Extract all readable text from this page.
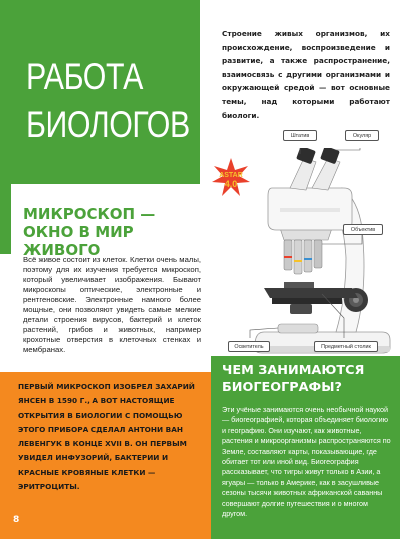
РАБОТА
БИОЛОГОВ

Строение живых организмов, их происхождение, воспроизведение и развитие, а также распространение, взаимосвязь с другими организмами и окружающей средой — вот основные темы, над которыми работают биологи.

ASTAR
4.0
Штатив	Окуляр
Объектив
Осветитель	Предметный столик
МИКРОСКОП — ОКНО В МИР ЖИВОГО

Всё живое состоит из клеток. Клетки очень малы, поэтому для их изучения требуется микроскоп, который увеличивает изображения. Бывают микроскопы оптические, электронные и рентгеновские. Электронные намного более мощные, они позволяют увидеть самые мелкие детали строения вирусов, бактерий и клеток растений, грибов и животных, например крохотные отверстия в клеточных стенках и мембранах.

ПЕРВЫЙ МИКРОСКОП ИЗОБРЕЛ ЗАХАРИЙ ЯНСЕН В 1590 Г., А ВОТ НАСТОЯЩИЕ ОТКРЫТИЯ В БИОЛОГИИ С ПОМОЩЬЮ ЭТОГО ПРИБОРА СДЕЛАЛ АНТОНИ ВАН ЛЕВЕНГУК В КОНЦЕ XVII В. ОН ПЕРВЫМ УВИДЕЛ ИНФУЗОРИЙ, БАКТЕРИИ И КРАСНЫЕ КРОВЯНЫЕ КЛЕТКИ — ЭРИТРОЦИТЫ.

8
ЧЕМ ЗАНИМАЮТСЯ БИОГЕОГРАФЫ?

Эти учёные занимаются очень необычной наукой — биогеографией, которая объединяет биологию и географию. Они изучают, как животные, растения и микроорганизмы распространяются по Земле, составляют карты, показывающие, где обитает тот или иной вид. Биогеография рассказывает, что тигры живут только в Азии, а ягуары — только в Америке, как в засушливые сезоны тысячи животных африканской саванны совершают долгие путешествия и о многом другом.
